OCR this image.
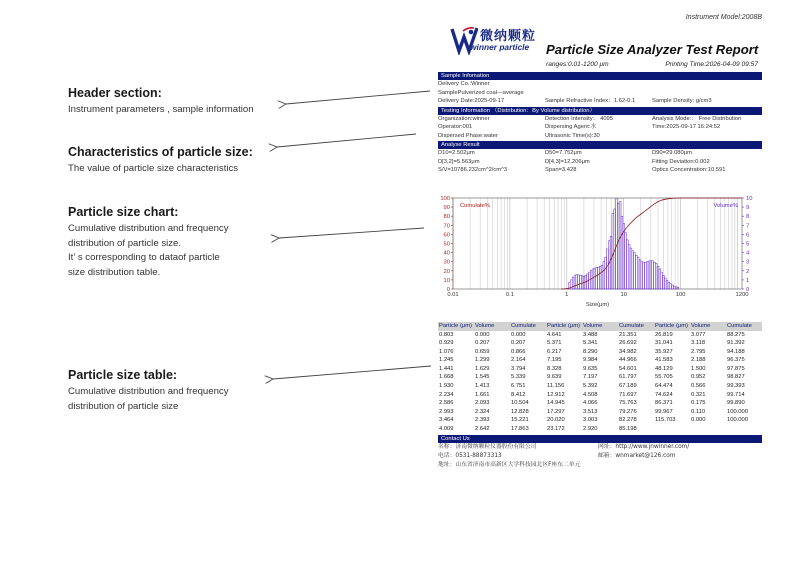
Header section:
Instrument parameters , sample information
Characteristics of particle size:
The value of particle size characteristics
Particle size chart:
Cumulative distribution and frequency
distribution of particle size.
It' s corresponding to dataof particle
size distribution table.
Particle size table:
Cumulative distribution and frequency
distribution of particle size
Instrument Model:2008B
微纳颗粒
winner particle Particle Size Analyzer Test Report
ranges:0.01-1200 μm	Printing Time:2026-04-09 09:57
Sample Infomation
Delivery Co.:Winner
SamplePulverized coal---average
Delivery Date:2025-09-17	Sample Refractive Index：1.62-0.1	Sample Density: g/cm3
Testing Information （Distribution：By Volume distribution）
Organization:winner	Detection Intensity： 4095	Analysis Mode:： Free Distribution
Operator:001	Dispersing Agent:水	Time:2025-09-17 16:24:52
Dispersed Phase:water	Ultrasonic Time(s):30
Analyse Result
D10=2.502μm	D50=7.752μm	D90=29.080μm
D[3,2]=5.563μm	D[4,3]=12.206μm	Fitting Deviation:0.002
S/V=10786.232cm^2/cm^3	Span=3.428	Optics Concentration:10.591
0
10
20
30
40
50
60
70
80
90
100
0
1
2
3
4
5
6
7
8
9
10
0.01	0.1	1	10	100	1200
Cumulate%	Volume%
Size(μm)
Particle (μm) Volume	Cumulate	Particle (μm) Volume	Cumulate	Particle (μm) Volume	Cumulate
0.803	0.000	0.000	4.641	3.488	21.351	26.819	3.077	88.275
0.929	0.207	0.207	5.371	5.341	26.692	31.041	3.118	91.392
1.076	0.659	0.866	6.217	8.290	34.982	35.927	2.795	94.188
1.245	1.299	2.164	7.195	9.984	44.966	41.583	2.188	96.375
1.441	1.629	3.794	8.328	9.635	54.601	48.129	1.500	97.875
1.668	1.545	5.339	9.639	7.197	61.797	55.705	0.952	98.827
1.930	1.413	6.751	11.156	5.392	67.189	64.474	0.566	99.393
2.234	1.661	8.412	12.912	4.508	71.697	74.624	0.321	99.714
2.586	2.093	10.504	14.945	4.066	75.763	86.371	0.175	99.890
2.993	2.324	12.828	17.297	3.513	79.276	99.967	0.110	100.000
3.464	2.393	15.221	20.020	3.003	82.278	115.703	0.000	100.000
4.009	2.642	17.863	23.172	2.920	85.198
Contact Us
名称：济南微纳颗粒仪器股份有限公司	网址：http://www.jnwinner.com/
电话：0531-88873313	邮箱：wnmarket@126.com
地址：山东省济南市高新区大学科技园北区F座东二单元
